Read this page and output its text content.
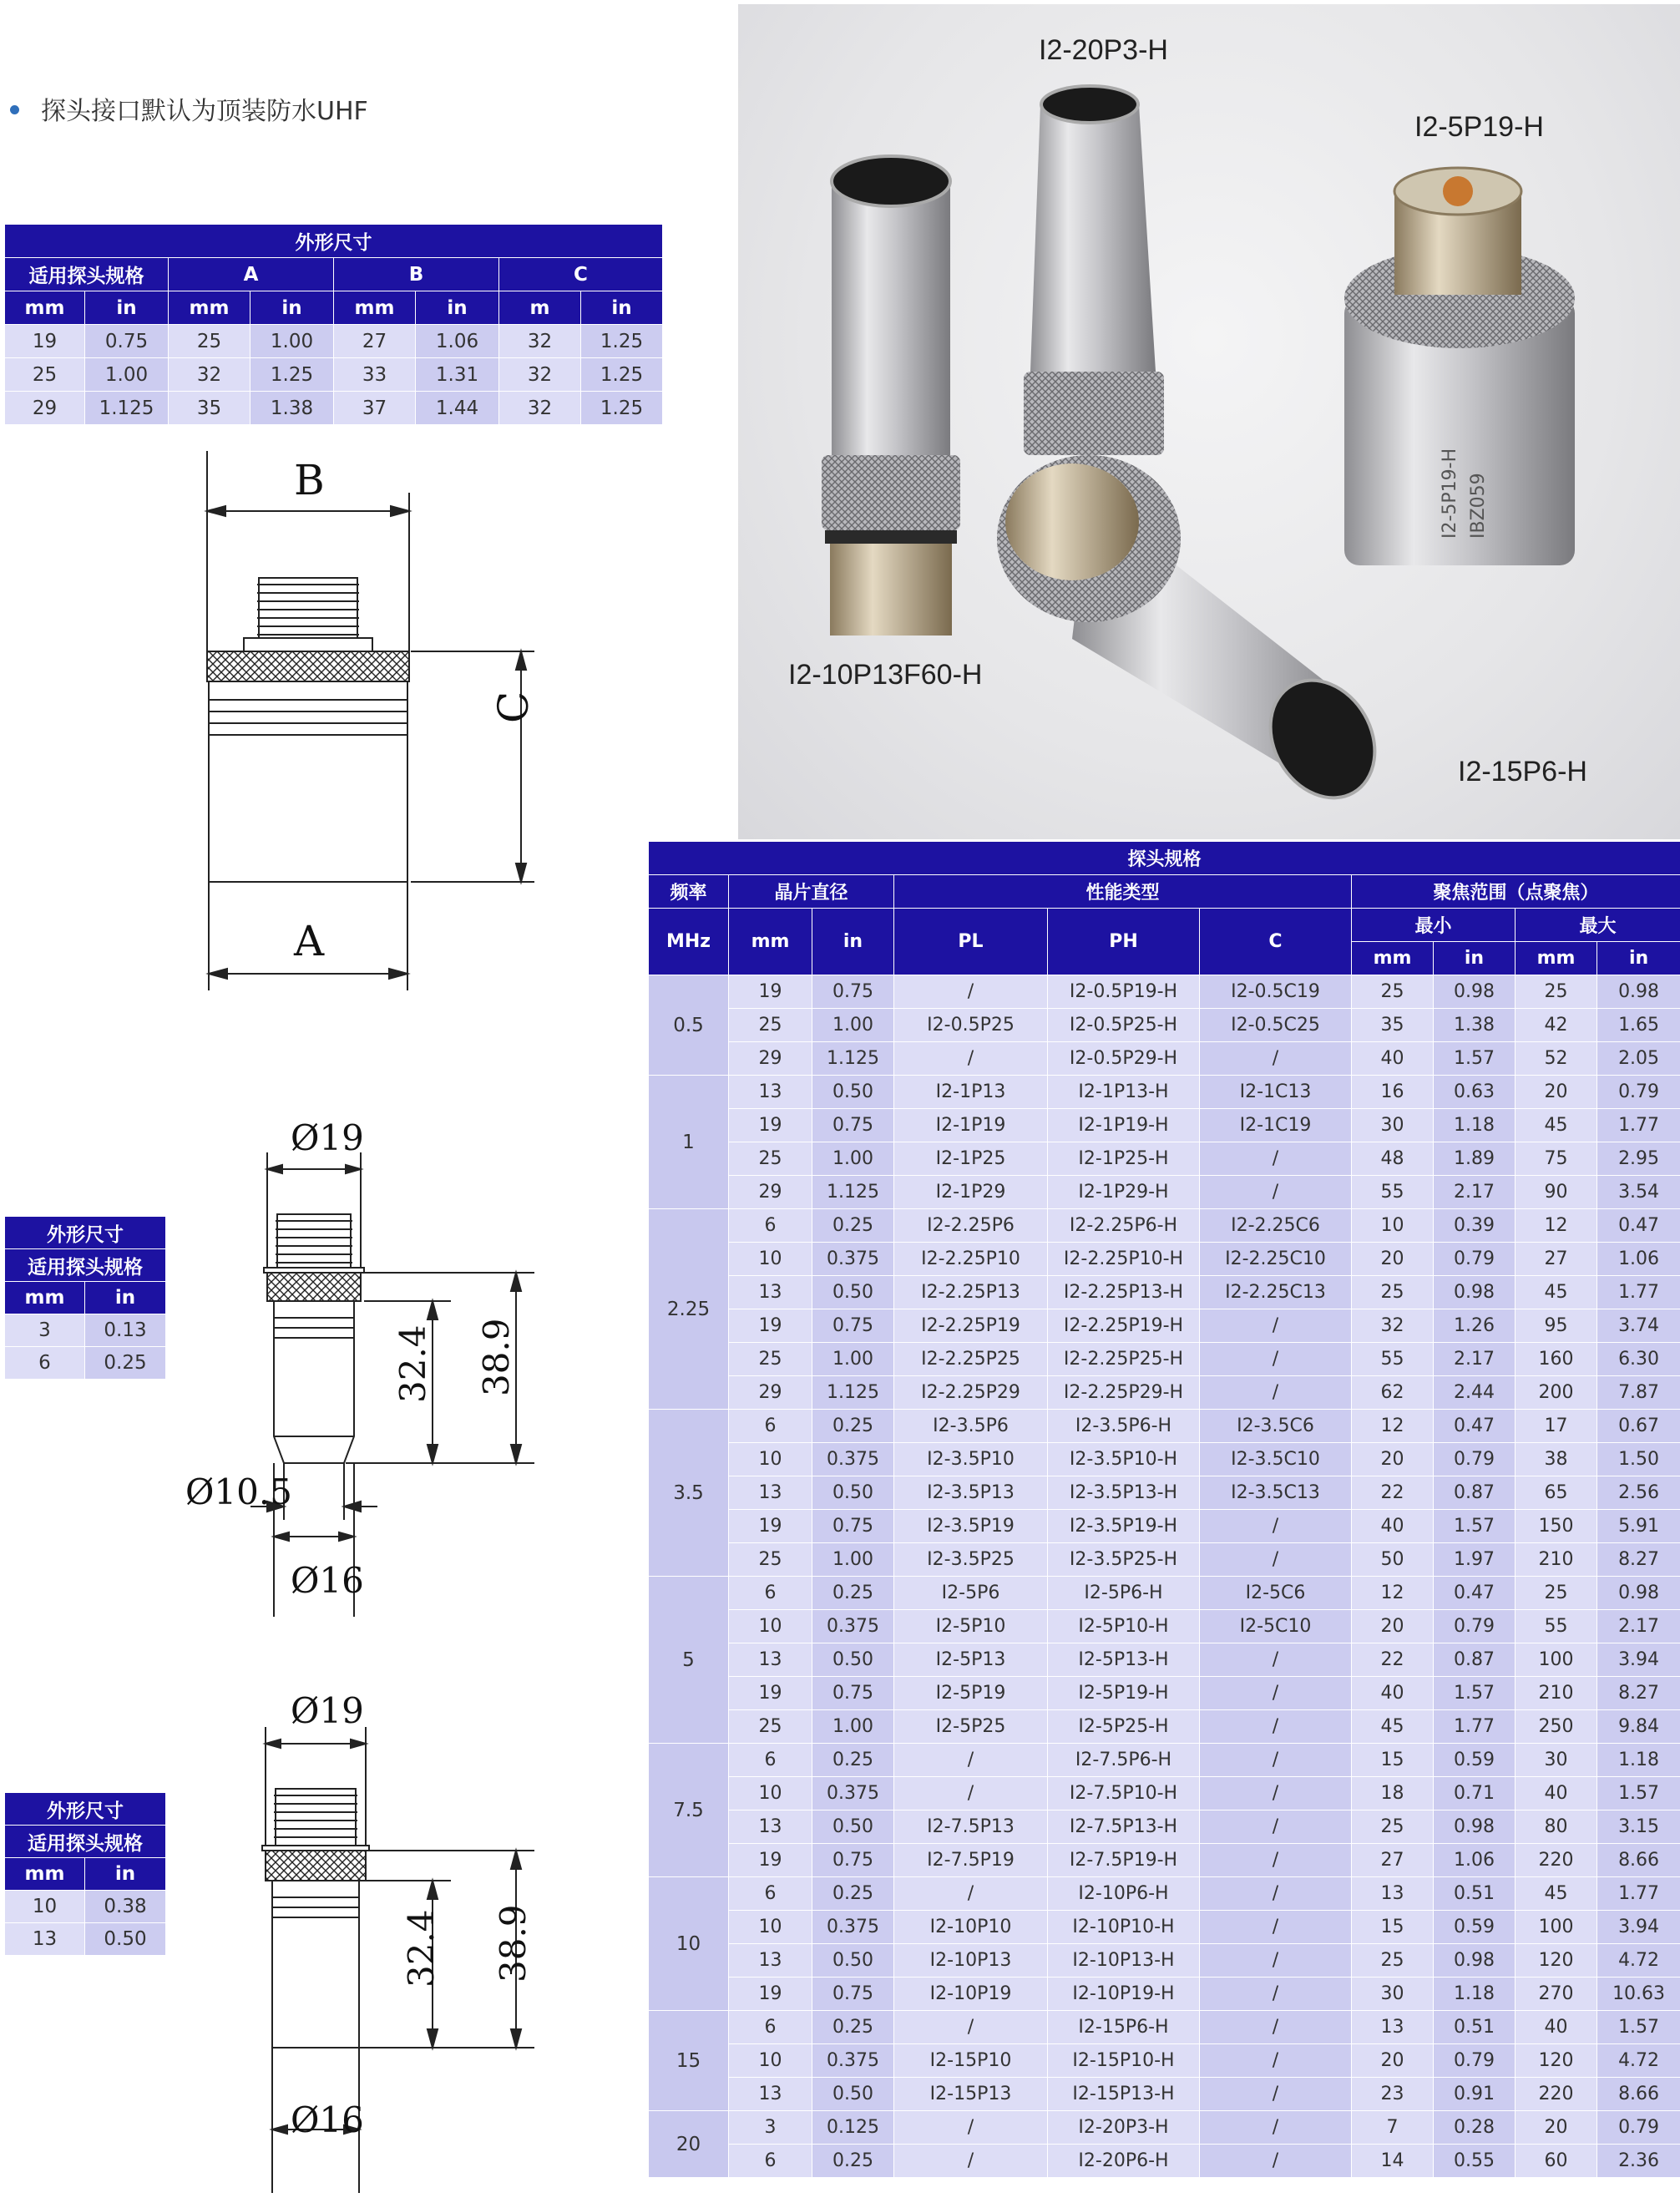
探头接口默认为顶装防水UHF
外形尺寸							
适用探头规格		A		B		C	
mm	in	mm	in	mm	in	m	in
19	0.75	25	1.00	27	1.06	32	1.25
25	1.00	32	1.25	33	1.31	32	1.25
29	1.125	35	1.38	37	1.44	32	1.25
B
C
A
I2-20P3-H
I2-5P19-H
I2-10P13F60-H
I2-15P6-H
I2-5P19-H IBZ059
外形尺寸	
适用探头规格	
mm	in
3	0.13
6	0.25
Ø19
32.4 38.9
Ø10.5
Ø16
外形尺寸	
适用探头规格	
mm	in
10	0.38
13	0.50
Ø19
32.4 38.9
Ø16
探头规格									
频率	晶片直径		性能类型			聚焦范围（点聚焦）			
MHz	mm	in	PL	PH	C	最小		最大	
						mm	in	mm	in
0.5	19	0.75	/	I2-0.5P19-H	I2-0.5C19	25	0.98	25	0.98
	25	1.00	I2-0.5P25	I2-0.5P25-H	I2-0.5C25	35	1.38	42	1.65
	29	1.125	/	I2-0.5P29-H	/	40	1.57	52	2.05
1	13	0.50	I2-1P13	I2-1P13-H	I2-1C13	16	0.63	20	0.79
	19	0.75	I2-1P19	I2-1P19-H	I2-1C19	30	1.18	45	1.77
	25	1.00	I2-1P25	I2-1P25-H	/	48	1.89	75	2.95
	29	1.125	I2-1P29	I2-1P29-H	/	55	2.17	90	3.54
2.25	6	0.25	I2-2.25P6	I2-2.25P6-H	I2-2.25C6	10	0.39	12	0.47
	10	0.375	I2-2.25P10	I2-2.25P10-H	I2-2.25C10	20	0.79	27	1.06
	13	0.50	I2-2.25P13	I2-2.25P13-H	I2-2.25C13	25	0.98	45	1.77
	19	0.75	I2-2.25P19	I2-2.25P19-H	/	32	1.26	95	3.74
	25	1.00	I2-2.25P25	I2-2.25P25-H	/	55	2.17	160	6.30
	29	1.125	I2-2.25P29	I2-2.25P29-H	/	62	2.44	200	7.87
3.5	6	0.25	I2-3.5P6	I2-3.5P6-H	I2-3.5C6	12	0.47	17	0.67
	10	0.375	I2-3.5P10	I2-3.5P10-H	I2-3.5C10	20	0.79	38	1.50
	13	0.50	I2-3.5P13	I2-3.5P13-H	I2-3.5C13	22	0.87	65	2.56
	19	0.75	I2-3.5P19	I2-3.5P19-H	/	40	1.57	150	5.91
	25	1.00	I2-3.5P25	I2-3.5P25-H	/	50	1.97	210	8.27
5	6	0.25	I2-5P6	I2-5P6-H	I2-5C6	12	0.47	25	0.98
	10	0.375	I2-5P10	I2-5P10-H	I2-5C10	20	0.79	55	2.17
	13	0.50	I2-5P13	I2-5P13-H	/	22	0.87	100	3.94
	19	0.75	I2-5P19	I2-5P19-H	/	40	1.57	210	8.27
	25	1.00	I2-5P25	I2-5P25-H	/	45	1.77	250	9.84
7.5	6	0.25	/	I2-7.5P6-H	/	15	0.59	30	1.18
	10	0.375	/	I2-7.5P10-H	/	18	0.71	40	1.57
	13	0.50	I2-7.5P13	I2-7.5P13-H	/	25	0.98	80	3.15
	19	0.75	I2-7.5P19	I2-7.5P19-H	/	27	1.06	220	8.66
10	6	0.25	/	I2-10P6-H	/	13	0.51	45	1.77
	10	0.375	I2-10P10	I2-10P10-H	/	15	0.59	100	3.94
	13	0.50	I2-10P13	I2-10P13-H	/	25	0.98	120	4.72
	19	0.75	I2-10P19	I2-10P19-H	/	30	1.18	270	10.63
15	6	0.25	/	I2-15P6-H	/	13	0.51	40	1.57
	10	0.375	I2-15P10	I2-15P10-H	/	20	0.79	120	4.72
	13	0.50	I2-15P13	I2-15P13-H	/	23	0.91	220	8.66
20	3	0.125	/	I2-20P3-H	/	7	0.28	20	0.79
	6	0.25	/	I2-20P6-H	/	14	0.55	60	2.36
